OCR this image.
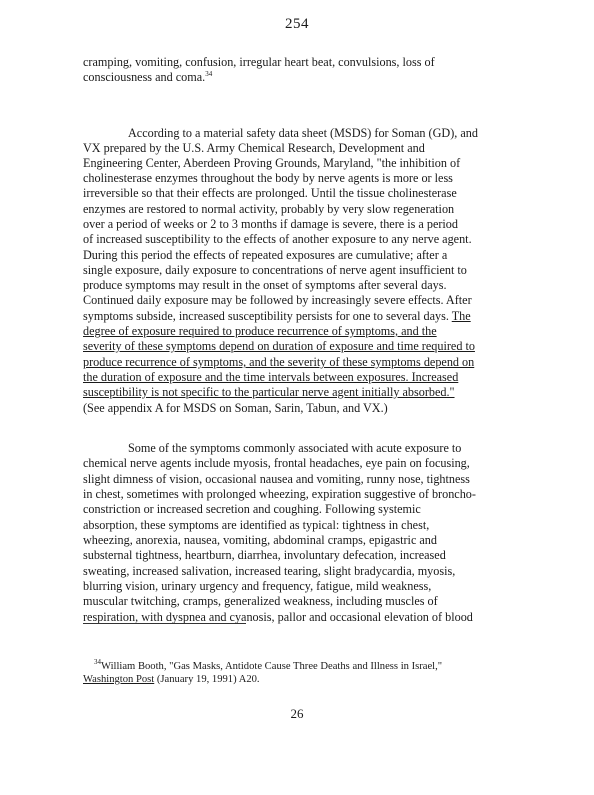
254
cramping, vomiting, confusion, irregular heart beat, convulsions, loss of
consciousness and coma.$^{34}$
According to a material safety data sheet (MSDS) for Soman (GD), and
VX prepared by the U.S. Army Chemical Research, Development and
Engineering Center, Aberdeen Proving Grounds, Maryland, "the inhibition of
cholinesterase enzymes throughout the body by nerve agents is more or less
irreversible so that their effects are prolonged. Until the tissue cholinesterase
enzymes are restored to normal activity, probably by very slow regeneration
over a period of weeks or 2 to 3 months if damage is severe, there is a period
of increased susceptibility to the effects of another exposure to any nerve agent.
During this period the effects of repeated exposures are cumulative; after a
single exposure, daily exposure to concentrations of nerve agent insufficient to
produce symptoms may result in the onset of symptoms after several days.
Continued daily exposure may be followed by increasingly severe effects. After
symptoms subside, increased susceptibility persists for one to several days. The
degree of exposure required to produce recurrence of symptoms, and the
severity of these symptoms depend on duration of exposure and time required to
produce recurrence of symptoms, and the severity of these symptoms depend on
the duration of exposure and the time intervals between exposures. Increased
susceptibility is not specific to the particular nerve agent initially absorbed."
(See appendix A for MSDS on Soman, Sarin, Tabun, and VX.)
Some of the symptoms commonly associated with acute exposure to
chemical nerve agents include myosis, frontal headaches, eye pain on focusing,
slight dimness of vision, occasional nausea and vomiting, runny nose, tightness
in chest, sometimes with prolonged wheezing, expiration suggestive of broncho-
constriction or increased secretion and coughing. Following systemic
absorption, these symptoms are identified as typical: tightness in chest,
wheezing, anorexia, nausea, vomiting, abdominal cramps, epigastric and
substernal tightness, heartburn, diarrhea, involuntary defecation, increased
sweating, increased salivation, increased tearing, slight bradycardia, myosis,
blurring vision, urinary urgency and frequency, fatigue, mild weakness,
muscular twitching, cramps, generalized weakness, including muscles of
respiration, with dyspnea and cyanosis, pallor and occasional elevation of blood
$^{34}$William Booth, "Gas Masks, Antidote Cause Three Deaths and Illness in Israel,"
Washington Post (January 19, 1991) A20.
26
